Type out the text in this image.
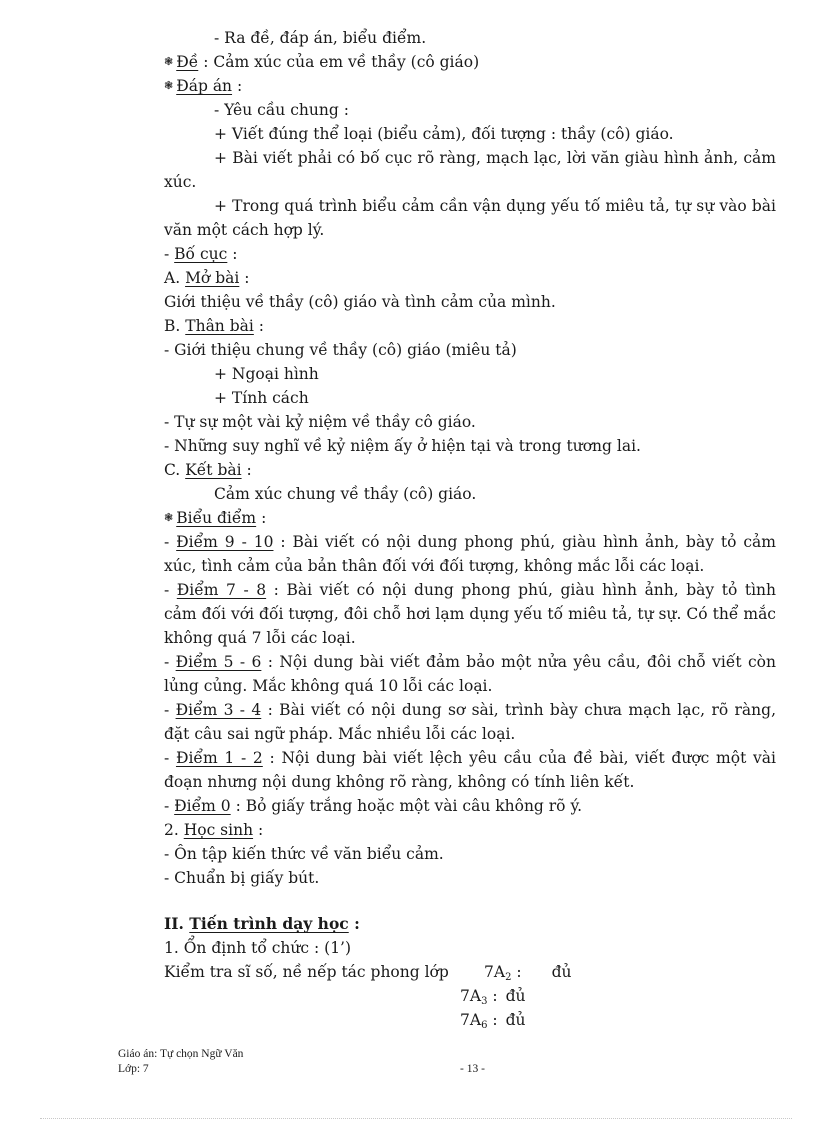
- Ra đề, đáp án, biểu điểm.
❃ Đề : Cảm xúc của em về thầy (cô giáo)
❃ Đáp án :
- Yêu cầu chung :
+ Viết đúng thể loại (biểu cảm), đối tượng : thầy (cô) giáo.
+ Bài viết phải có bố cục rõ ràng, mạch lạc, lời văn giàu hình ảnh, cảm
xúc.
+ Trong quá trình biểu cảm cần vận dụng yếu tố miêu tả, tự sự vào bài
văn một cách hợp lý.
- Bố cục :
A. Mở bài :
Giới thiệu về thầy (cô) giáo và tình cảm của mình.
B. Thân bài :
- Giới thiệu chung về thầy (cô) giáo (miêu tả)
+ Ngoại hình
+ Tính cách
- Tự sự một vài kỷ niệm về thầy cô giáo.
- Những suy nghĩ về kỷ niệm ấy ở hiện tại và trong tương lai.
C. Kết bài :
Cảm xúc chung về thầy (cô) giáo.
❃ Biểu điểm :
- Điểm 9 - 10 : Bài viết có nội dung phong phú, giàu hình ảnh, bày tỏ cảm
xúc, tình cảm của bản thân đối với đối tượng, không mắc lỗi các loại.
- Điểm 7 - 8 : Bài viết có nội dung phong phú, giàu hình ảnh, bày tỏ tình
cảm đối với đối tượng, đôi chỗ hơi lạm dụng yếu tố miêu tả, tự sự. Có thể mắc
không quá 7 lỗi các loại.
- Điểm 5 - 6 : Nội dung bài viết đảm bảo một nửa yêu cầu, đôi chỗ viết còn
lủng củng. Mắc không quá 10 lỗi các loại.
- Điểm 3 - 4 : Bài viết có nội dung sơ sài, trình bày chưa mạch lạc, rõ ràng,
đặt câu sai ngữ pháp. Mắc nhiều lỗi các loại.
- Điểm 1 - 2 : Nội dung bài viết lệch yêu cầu của đề bài, viết được một vài
đoạn nhưng nội dung không rõ ràng, không có tính liên kết.
- Điểm 0 : Bỏ giấy trắng hoặc một vài câu không rõ ý.
2. Học sinh :
- Ôn tập kiến thức về văn biểu cảm.
- Chuẩn bị giấy bút.
II. Tiến trình dạy học :
1. Ổn định tổ chức : (1’)
Kiểm tra sĩ số, nề nếp tác phong lớp $7A_2$ : đủ
$7A_3$ : đủ
$7A_6$ : đủ
Giáo án: Tự chọn Ngữ Văn
Lớp: 7	- 13 -
